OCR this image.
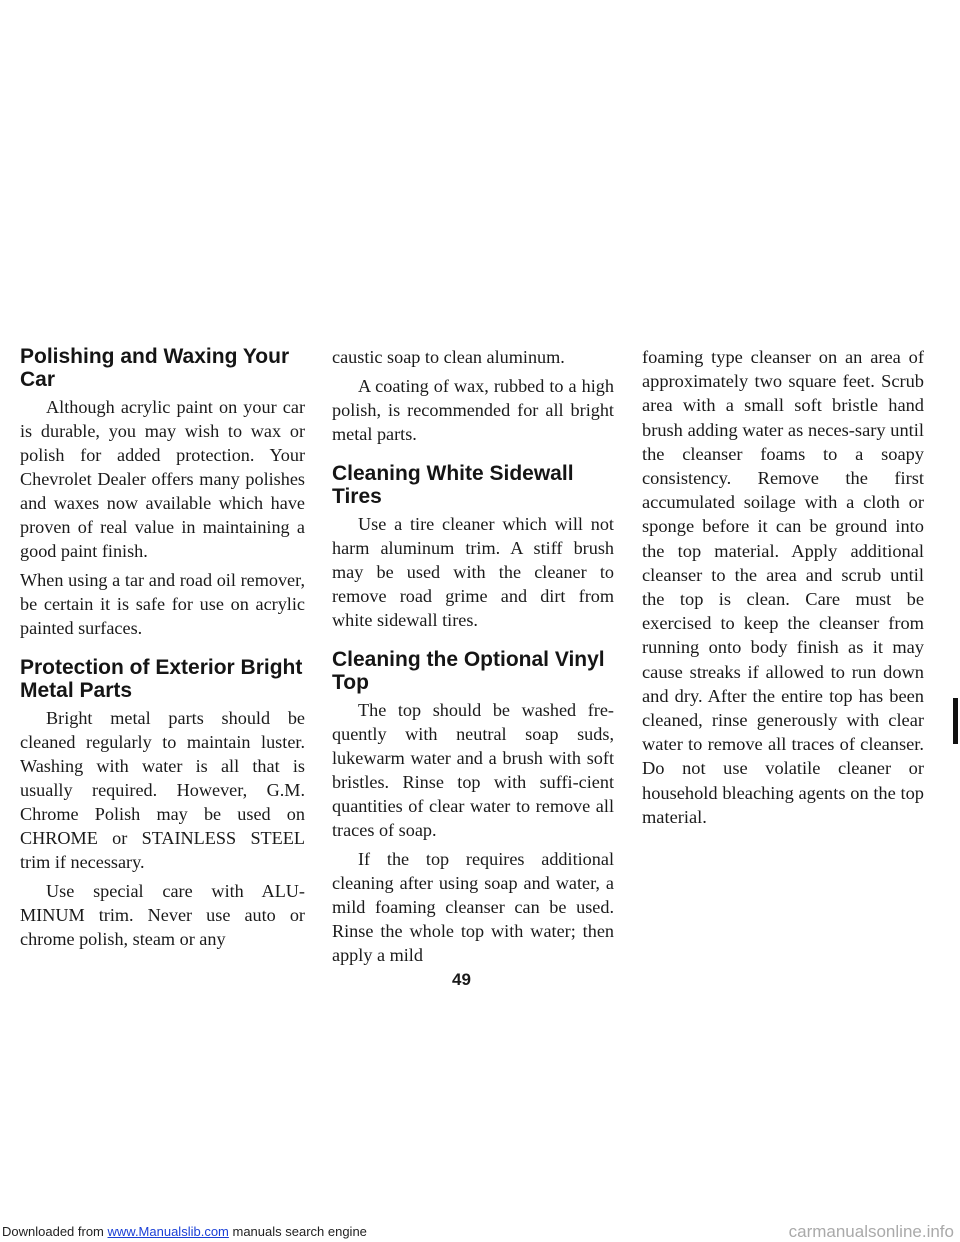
Polishing and Waxing Your Car

Although acrylic paint on your car is durable, you may wish to wax or polish for added protection. Your Chevrolet Dealer offers many polishes and waxes now available which have proven of real value in maintaining a good paint finish.

When using a tar and road oil remover, be certain it is safe for use on acrylic painted surfaces.

Protection of Exterior Bright Metal Parts

Bright metal parts should be cleaned regularly to maintain luster. Washing with water is all that is usually required. However, G.M. Chrome Polish may be used on CHROME or STAINLESS STEEL trim if necessary.

Use special care with ALU-MINUM trim. Never use auto or chrome polish, steam or any

caustic soap to clean aluminum.

A coating of wax, rubbed to a high polish, is recommended for all bright metal parts.

Cleaning White Sidewall Tires

Use a tire cleaner which will not harm aluminum trim. A stiff brush may be used with the cleaner to remove road grime and dirt from white sidewall tires.

Cleaning the Optional Vinyl Top

The top should be washed fre-quently with neutral soap suds, lukewarm water and a brush with soft bristles. Rinse top with suffi-cient quantities of clear water to remove all traces of soap.

If the top requires additional cleaning after using soap and water, a mild foaming cleanser can be used. Rinse the whole top with water; then apply a mild

foaming type cleanser on an area of approximately two square feet. Scrub area with a small soft bristle hand brush adding water as neces-sary until the cleanser foams to a soapy consistency. Remove the first accumulated soilage with a cloth or sponge before it can be ground into the top material. Apply additional cleanser to the area and scrub until the top is clean. Care must be exercised to keep the cleanser from running onto body finish as it may cause streaks if allowed to run down and dry. After the entire top has been cleaned, rinse generously with clear water to remove all traces of cleanser. Do not use volatile cleaner or household bleaching agents on the top material.

49
Downloaded from www.Manualslib.com manuals search engine	carmanualsonline.info
